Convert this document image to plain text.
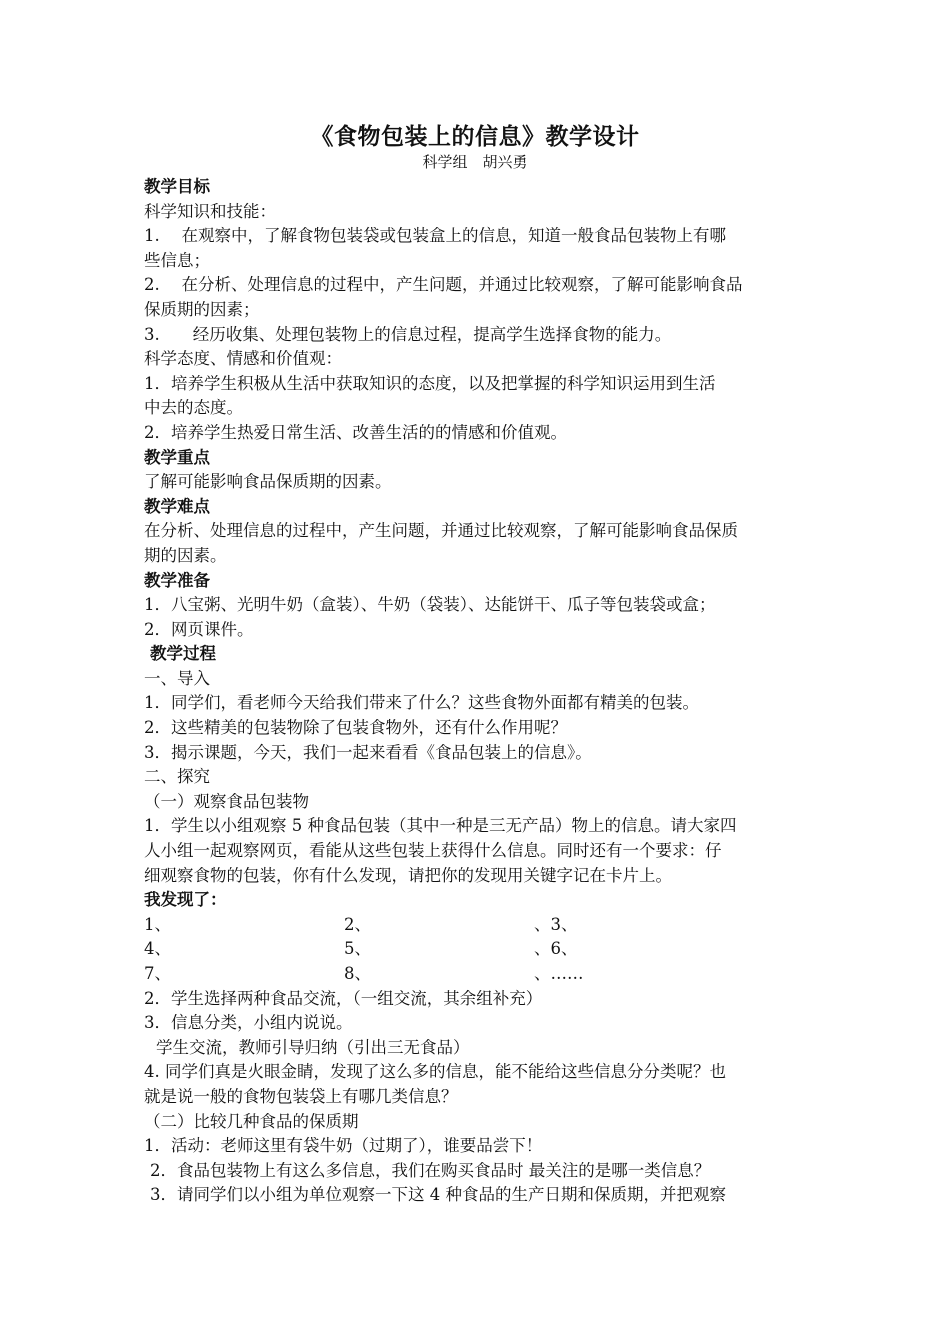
《食物包装上的信息》教学设计
科学组　胡兴勇
教学目标
科学知识和技能：
1.　 在观察中，了解食物包装袋或包装盒上的信息，知道一般食品包装物上有哪
些信息；
2.　 在分析、处理信息的过程中，产生问题，并通过比较观察，了解可能影响食品
保质期的因素；
3.　　经历收集、处理包装物上的信息过程，提高学生选择食物的能力。
科学态度、情感和价值观：
1．培养学生积极从生活中获取知识的态度，以及把掌握的科学知识运用到生活
中去的态度。
2．培养学生热爱日常生活、改善生活的的情感和价值观。
教学重点
了解可能影响食品保质期的因素。
教学难点
在分析、处理信息的过程中，产生问题，并通过比较观察，了解可能影响食品保质
期的因素。
教学准备
1．八宝粥、光明牛奶（盒装）、牛奶（袋装）、达能饼干、瓜子等包装袋或盒；
2．网页课件。
教学过程
一、导入
1．同学们，看老师今天给我们带来了什么？这些食物外面都有精美的包装。
2．这些精美的包装物除了包装食物外，还有什么作用呢？
3．揭示课题，今天，我们一起来看看《食品包装上的信息》。
二、探究
（一）观察食品包装物
1．学生以小组观察 5 种食品包装（其中一种是三无产品）物上的信息。请大家四
人小组一起观察网页，看能从这些包装上获得什么信息。同时还有一个要求：仔
细观察食物的包装，你有什么发现，请把你的发现用关键字记在卡片上。
我发现了：
1、	2、	、3、
4、	5、	、6、
7、	8、	、……
2．学生选择两种食品交流，（一组交流，其余组补充）
3．信息分类，小组内说说。
学生交流，教师引导归纳（引出三无食品）
4. 同学们真是火眼金睛，发现了这么多的信息，能不能给这些信息分分类呢？也
就是说一般的食物包装袋上有哪几类信息？
（二）比较几种食品的保质期
1．活动：老师这里有袋牛奶（过期了），谁要品尝下！
2．食品包装物上有这么多信息，我们在购买食品时 最关注的是哪一类信息？
3．请同学们以小组为单位观察一下这 4 种食品的生产日期和保质期，并把观察
